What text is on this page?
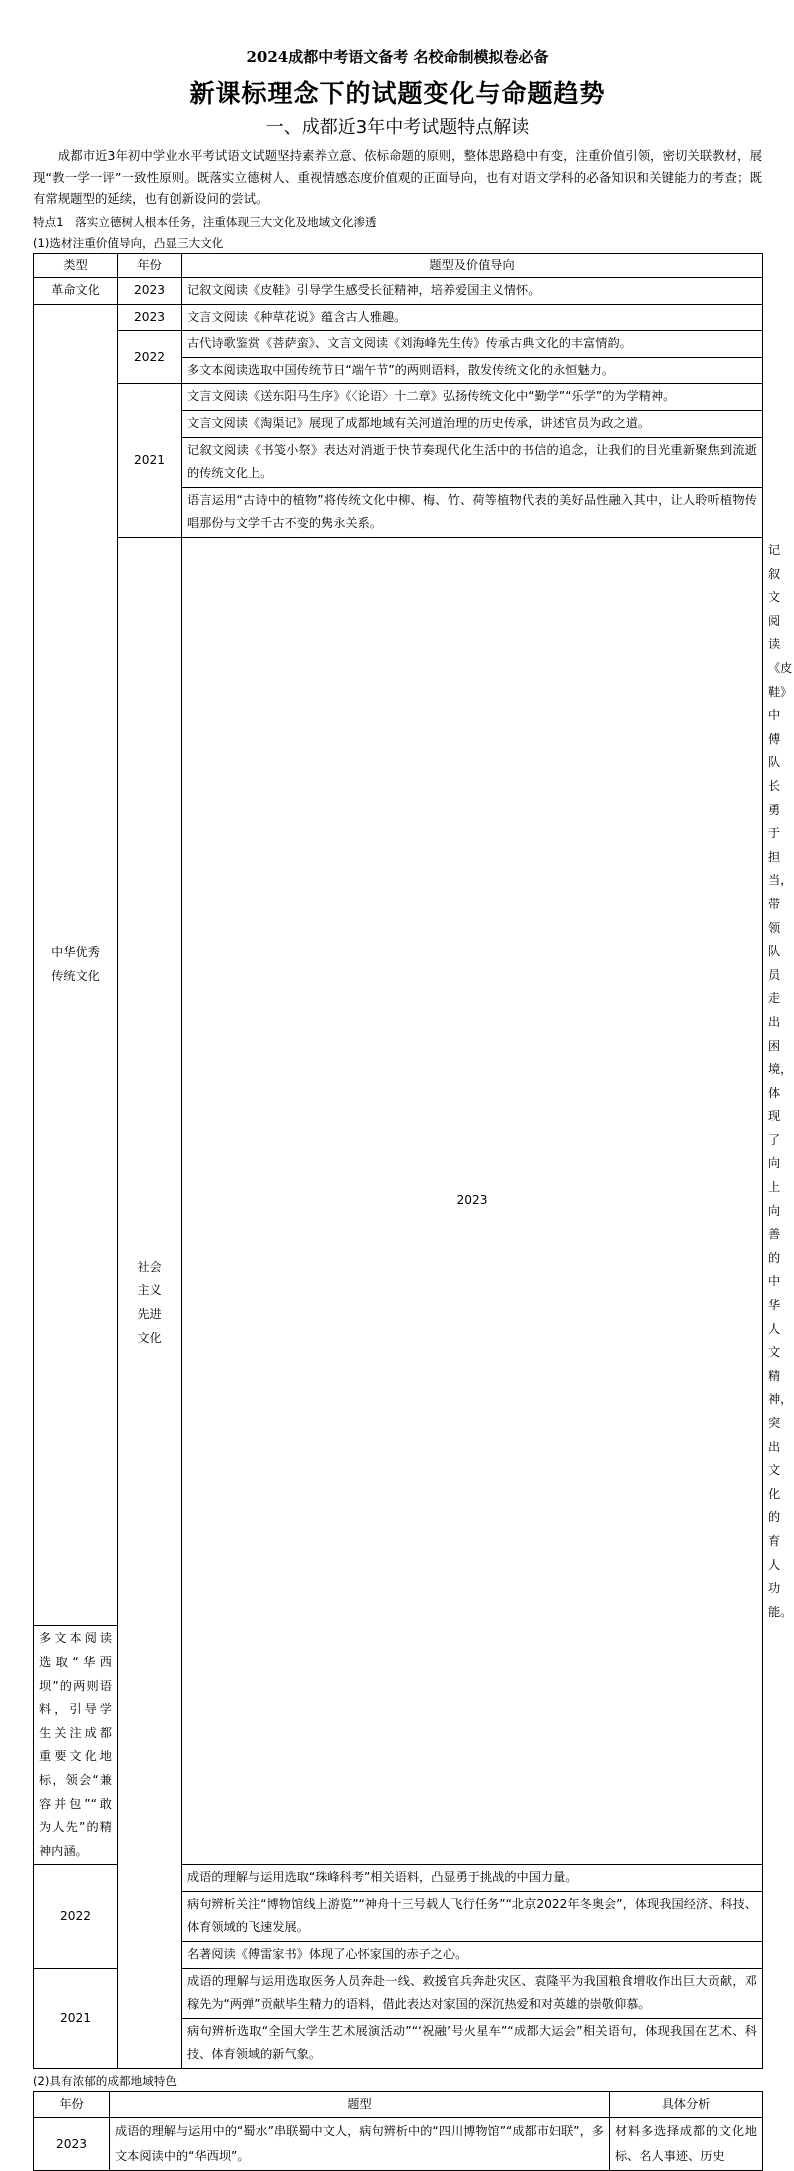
2024成都中考语文备考 名校命制模拟卷必备
新课标理念下的试题变化与命题趋势
一、成都近3年中考试题特点解读
成都市近3年初中学业水平考试语文试题坚持素养立意、依标命题的原则，整体思路稳中有变，注重价值引领，密切关联教材，展现“教一学一评”一致性原则。既落实立德树人、重视情感态度价值观的正面导向，也有对语文学科的必备知识和关键能力的考查；既有常规题型的延续，也有创新设问的尝试。
特点1　落实立德树人根本任务，注重体现三大文化及地域文化渗透
(1)选材注重价值导向，凸显三大文化
类型	年份	题型及价值导向	
革命文化	2023	记叙文阅读《皮鞋》引导学生感受长征精神，培养爱国主义情怀。	
中华优秀传统文化	2023	文言文阅读《种草花说》蕴含古人雅趣。	
	2022	古代诗歌鉴赏《菩萨蛮》、文言文阅读《刘海峰先生传》传承古典文化的丰富情韵。	
		多文本阅读选取中国传统节日“端午节”的两则语料，散发传统文化的永恒魅力。	
	2021	文言文阅读《送东阳马生序》《〈论语〉十二章》弘扬传统文化中“勤学”“乐学”的为学精神。	
		文言文阅读《淘渠记》展现了成都地域有关河道治理的历史传承，讲述官员为政之道。	
		记叙文阅读《书笺小祭》表达对消逝于快节奏现代化生活中的书信的追念，让我们的目光重新聚焦到流逝的传统文化上。	
		语言运用“古诗中的植物”将传统文化中柳、梅、竹、荷等植物代表的美好品性融入其中，让人聆听植物传唱那份与文学千古不变的隽永关系。	
	社会主义先进文化	2023	记叙文阅读《皮鞋》中傅队长勇于担当，带领队员走出困境，体现了向上向善的中华人文精神，突出文化的育人功能。
多文本阅读选取“华西坝”的两则语料，引导学生关注成都重要文化地标，领会“兼容并包”“敢为人先”的精神内涵。			
2022		成语的理解与运用选取“珠峰科考”相关语料，凸显勇于挑战的中国力量。	
		病句辨析关注“博物馆线上游览”“神舟十三号载人飞行任务”“北京2022年冬奥会”，体现我国经济、科技、体育领域的飞速发展。	
		名著阅读《傅雷家书》体现了心怀家国的赤子之心。	
2021		成语的理解与运用选取医务人员奔赴一线、救援官兵奔赴灾区、袁隆平为我国粮食增收作出巨大贡献，邓稼先为“两弹”贡献毕生精力的语料，借此表达对家国的深沉热爱和对英雄的崇敬仰慕。	
		病句辨析选取“全国大学生艺术展演活动”“‘祝融’号火星车”“成都大运会”相关语句，体现我国在艺术、科技、体育领域的新气象。	
(2)具有浓郁的成都地域特色
年份	题型	具体分析
2023	成语的理解与运用中的“蜀水”串联蜀中文人，病句辨析中的“四川博物馆”“成都市妇联”，多文本阅读中的“华西坝”。	材料多选择成都的文化地标、名人事迹、历史
